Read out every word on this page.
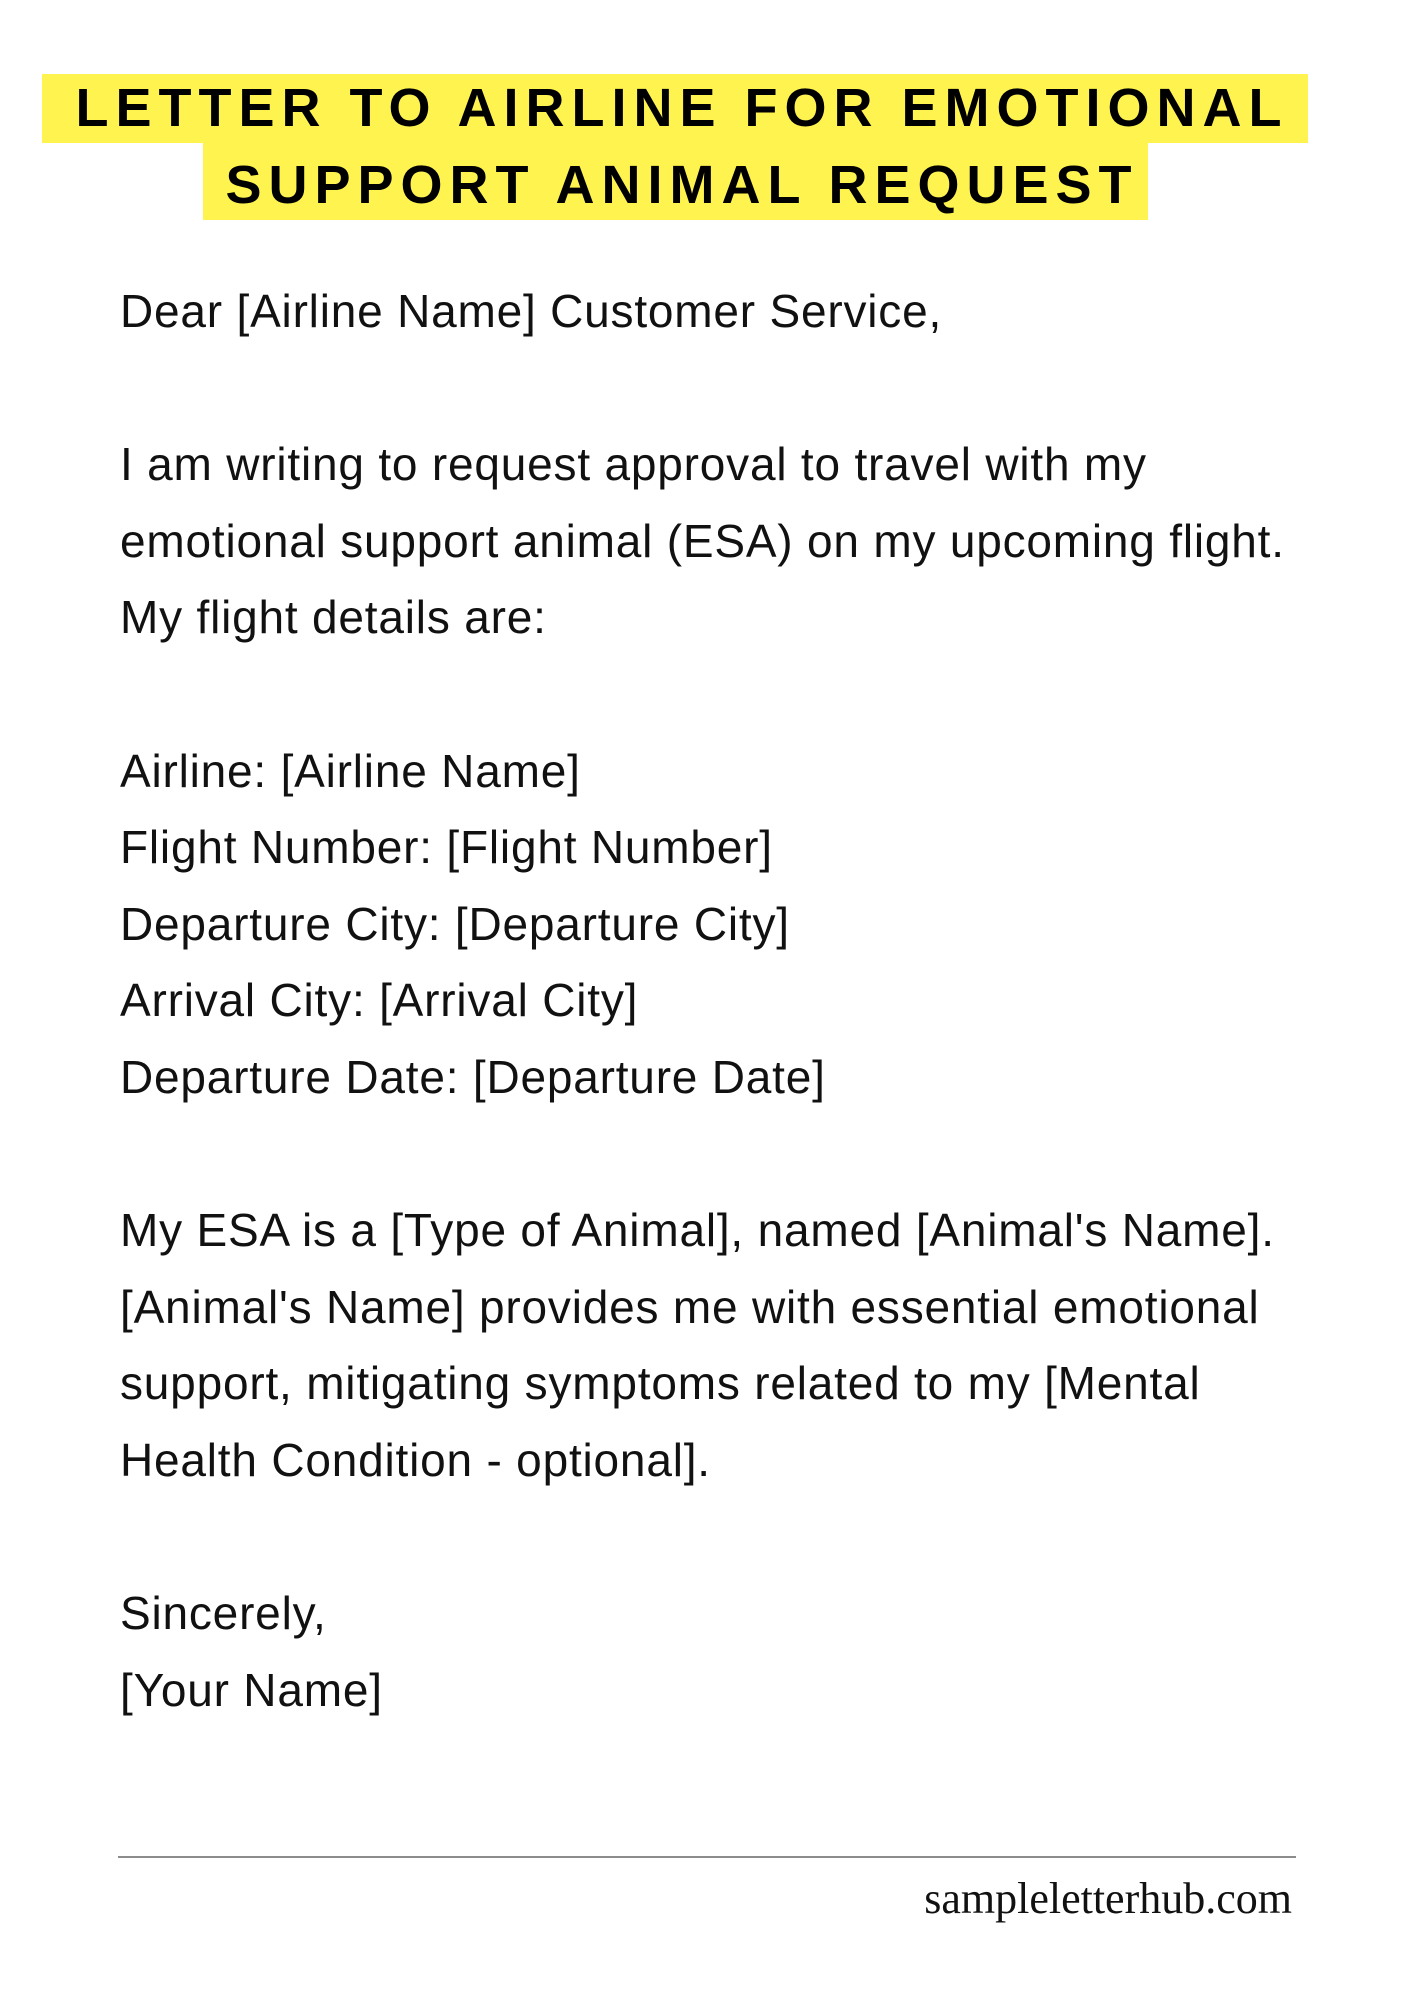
LETTER TO AIRLINE FOR EMOTIONAL
SUPPORT ANIMAL REQUEST
Dear [Airline Name] Customer Service,

I am writing to request approval to travel with my
emotional support animal (ESA) on my upcoming flight.
My flight details are:

Airline: [Airline Name]
Flight Number: [Flight Number]
Departure City: [Departure City]
Arrival City: [Arrival City]
Departure Date: [Departure Date]

My ESA is a [Type of Animal], named [Animal's Name].
[Animal's Name] provides me with essential emotional
support, mitigating symptoms related to my [Mental
Health Condition - optional].

Sincerely,
[Your Name]
sampleletterhub.com
